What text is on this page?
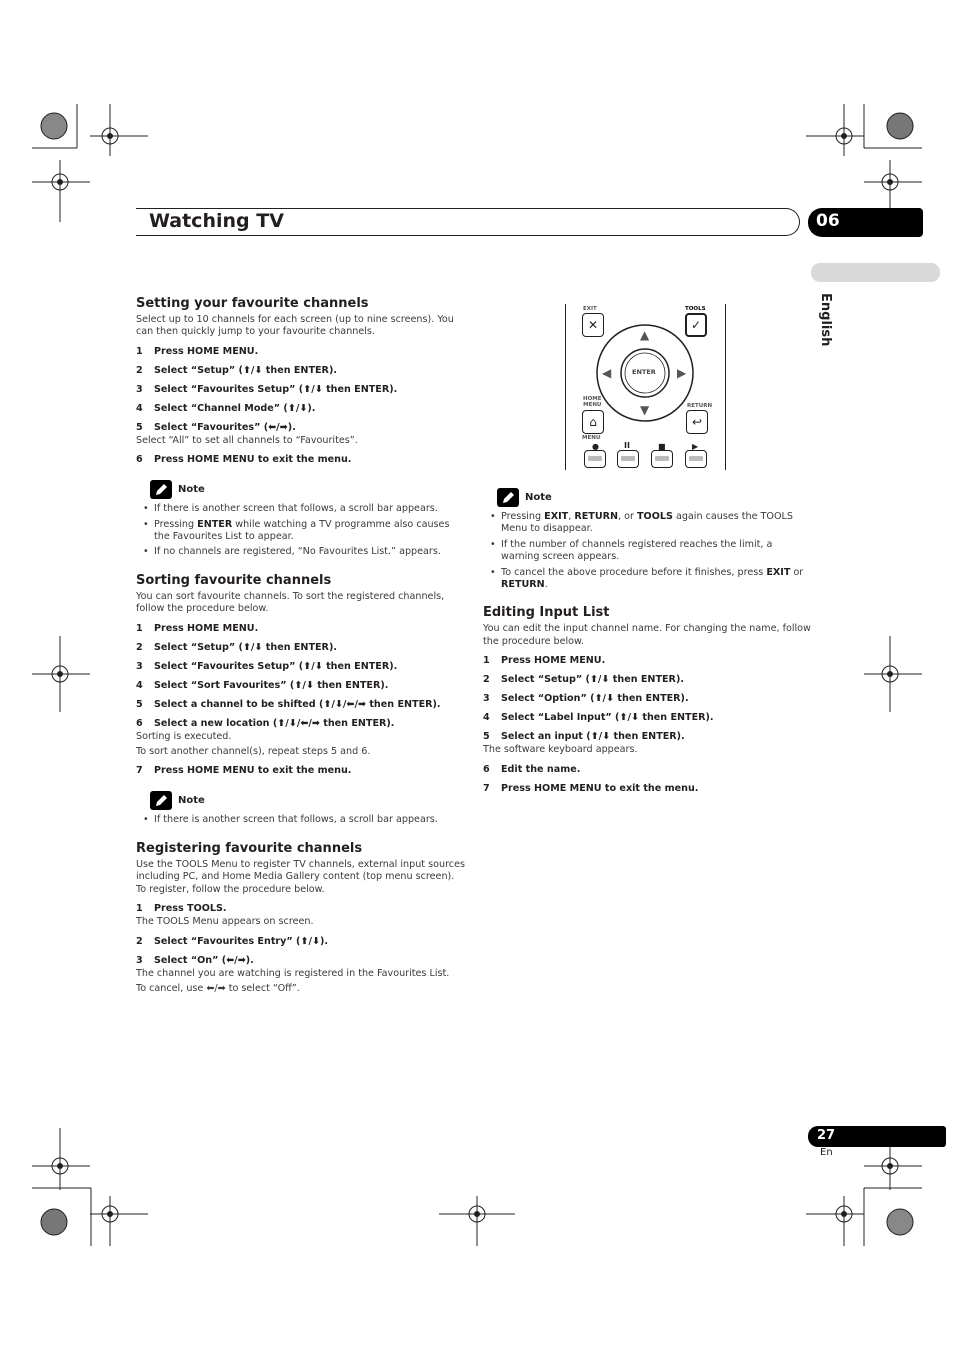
Watching TV	06
English
Setting your favourite channels

Select up to 10 channels for each screen (up to nine screens). You can then quickly jump to your favourite channels.

1	Press HOME MENU.
2	Select “Setup” (⬆/⬇ then ENTER).
3	Select “Favourites Setup” (⬆/⬇ then ENTER).
4	Select “Channel Mode” (⬆/⬇).
5	Select “Favourites” (⬅/➡).

Select “All” to set all channels to “Favourites”.

6	Press HOME MENU to exit the menu.
Note
• If there is another screen that follows, a scroll bar appears.
• Pressing ENTER while watching a TV programme also causes the Favourites List to appear.
• If no channels are registered, “No Favourites List.” appears.
Sorting favourite channels

You can sort favourite channels. To sort the registered channels, follow the procedure below.

1	Press HOME MENU.
2	Select “Setup” (⬆/⬇ then ENTER).
3	Select “Favourites Setup” (⬆/⬇ then ENTER).
4	Select “Sort Favourites” (⬆/⬇ then ENTER).
5	Select a channel to be shifted (⬆/⬇/⬅/➡ then ENTER).
6	Select a new location (⬆/⬇/⬅/➡ then ENTER).

Sorting is executed.

To sort another channel(s), repeat steps 5 and 6.

7	Press HOME MENU to exit the menu.
Note
• If there is another screen that follows, a scroll bar appears.
Registering favourite channels

Use the TOOLS Menu to register TV channels, external input sources including PC, and Home Media Gallery content (top menu screen). To register, follow the procedure below.

1	Press TOOLS.

The TOOLS Menu appears on screen.

2	Select “Favourites Entry” (⬆/⬇).
3	Select “On” (⬅/➡).

The channel you are watching is registered in the Favourites List.

To cancel, use ⬅/➡ to select “Off”.

EXIT
✕
TOOLS
✓
ENTER
▲
▼
◀	▶
HOME
MENU
⌂
RETURN
↩
MENU
●	II	■	▶
Note
• Pressing EXIT, RETURN, or TOOLS again causes the TOOLS Menu to disappear.
• If the number of channels registered reaches the limit, a warning screen appears.
• To cancel the above procedure before it finishes, press EXIT or RETURN.
Editing Input List

You can edit the input channel name. For changing the name, follow the procedure below.

1	Press HOME MENU.
2	Select “Setup” (⬆/⬇ then ENTER).
3	Select “Option” (⬆/⬇ then ENTER).
4	Select “Label Input” (⬆/⬇ then ENTER).
5	Select an input (⬆/⬇ then ENTER).

The software keyboard appears.

6	Edit the name.
7	Press HOME MENU to exit the menu.
27
En
